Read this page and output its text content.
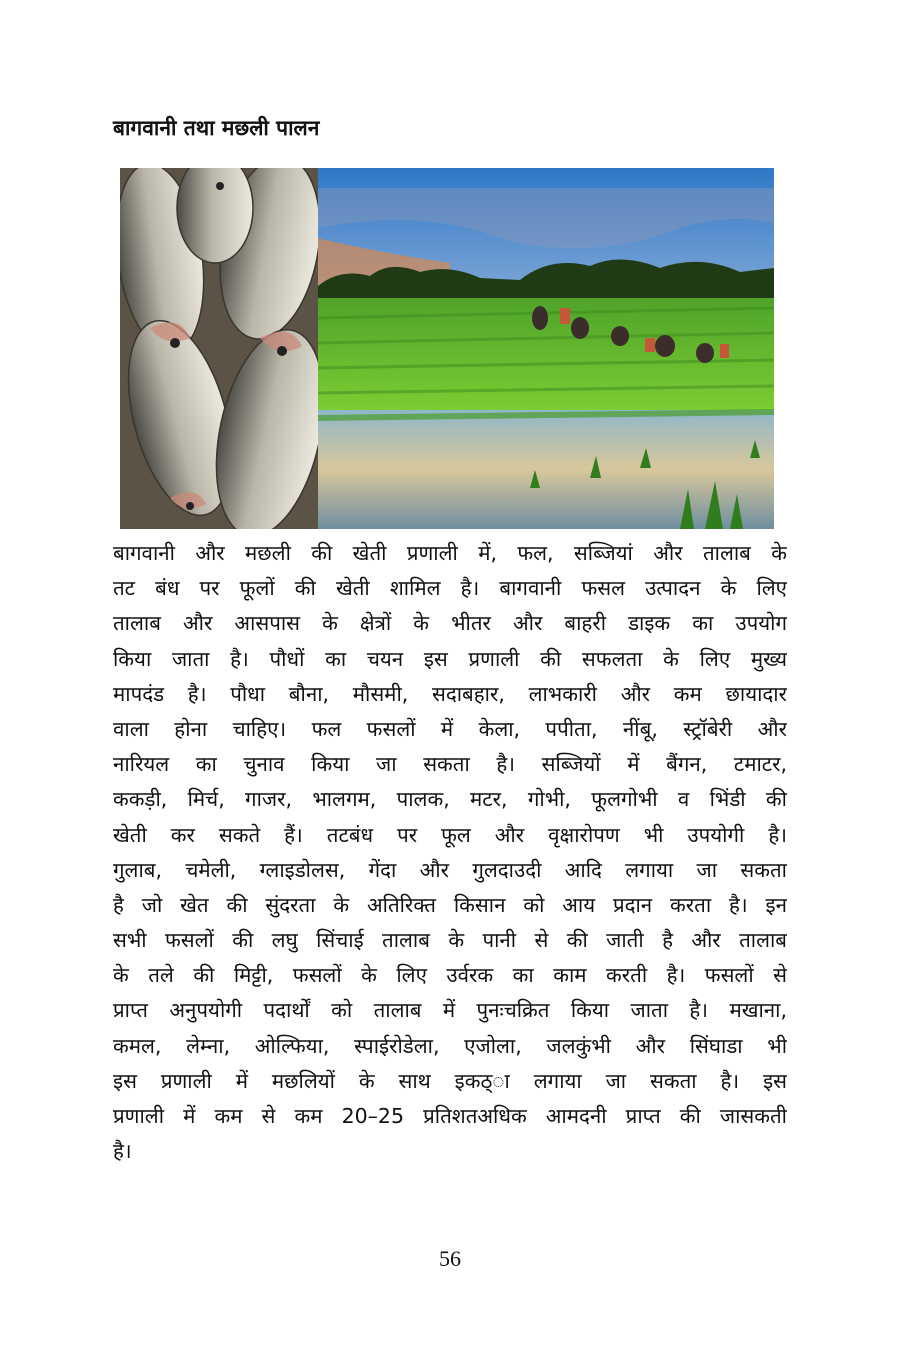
बागवानी तथा मछली पालन
बागवानी और मछली की खेती प्रणाली में, फल, सब्जियां और तालाब के
तट बंध पर फूलों की खेती शामिल है। बागवानी फसल उत्पादन के लिए
तालाब और आसपास के क्षेत्रों के भीतर और बाहरी डाइक का उपयोग
किया जाता है। पौधों का चयन इस प्रणाली की सफलता के लिए मुख्य
मापदंड है। पौधा बौना, मौसमी, सदाबहार, लाभकारी और कम छायादार
वाला होना चाहिए। फल फसलों में केला, पपीता, नींबू, स्ट्रॉबेरी और
नारियल का चुनाव किया जा सकता है। सब्जियों में बैंगन, टमाटर,
ककड़ी, मिर्च, गाजर, भालगम, पालक, मटर, गोभी, फूलगोभी व भिंडी की
खेती कर सकते हैं। तटबंध पर फूल और वृक्षारोपण भी उपयोगी है।
गुलाब, चमेली, ग्लाइडोलस, गेंदा और गुलदाउदी आदि लगाया जा सकता
है जो खेत की सुंदरता के अतिरिक्त किसान को आय प्रदान करता है। इन
सभी फसलों की लघु सिंचाई तालाब के पानी से की जाती है और तालाब
के तले की मिट्टी, फसलों के लिए उर्वरक का काम करती है। फसलों से
प्राप्त अनुपयोगी पदार्थों को तालाब में पुनःचक्रित किया जाता है। मखाना,
कमल, लेम्ना, ओल्फिया, स्पाईरोडेला, एजोला, जलकुंभी और सिंघाडा भी
इस प्रणाली में मछलियों के साथ इकठ्ा लगाया जा सकता है। इस
प्रणाली में कम से कम 20–25 प्रतिशतअधिक आमदनी प्राप्त की जासकती
है।
56
